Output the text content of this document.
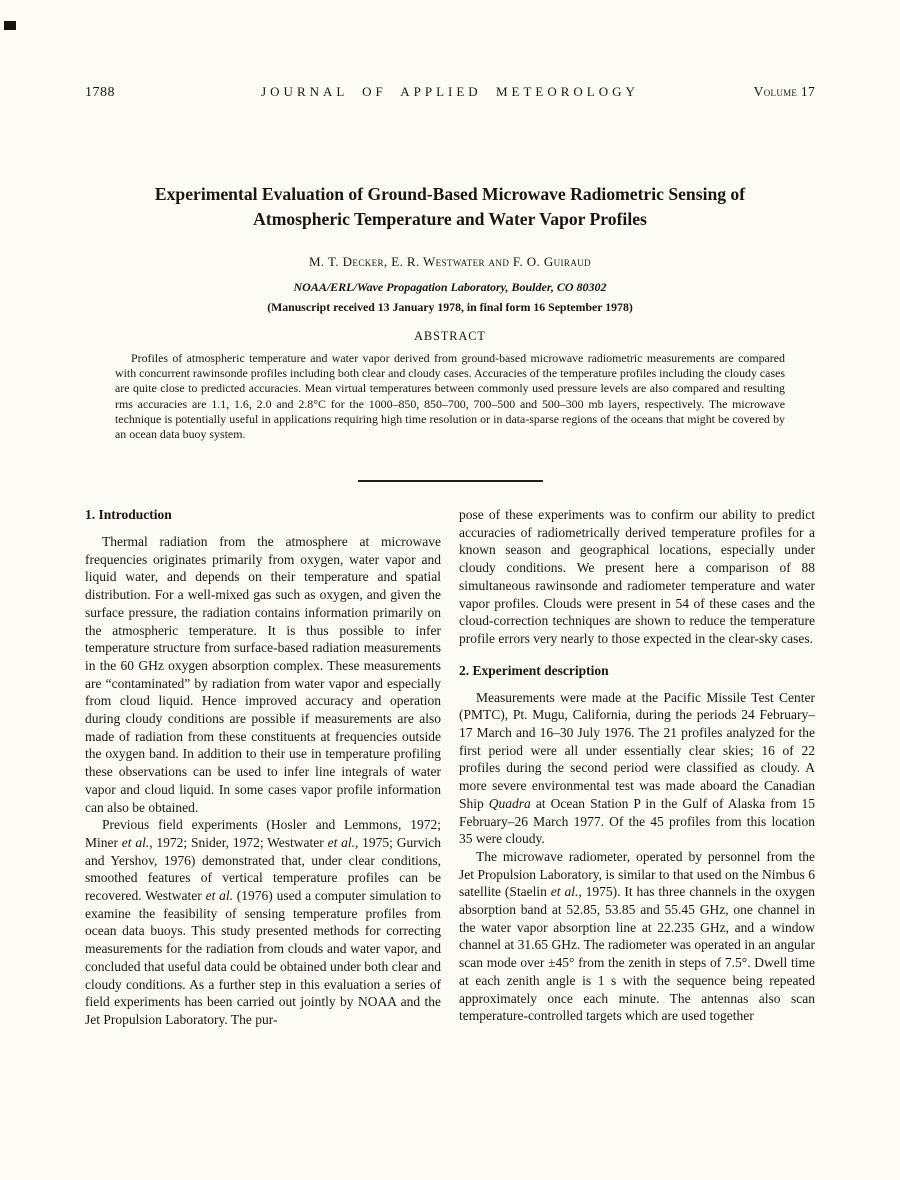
1788	JOURNAL OF APPLIED METEOROLOGY	Volume 17
Experimental Evaluation of Ground-Based Microwave Radiometric Sensing of Atmospheric Temperature and Water Vapor Profiles
M. T. Decker, E. R. Westwater and F. O. Guiraud
NOAA/ERL/Wave Propagation Laboratory, Boulder, CO 80302
(Manuscript received 13 January 1978, in final form 16 September 1978)
ABSTRACT
Profiles of atmospheric temperature and water vapor derived from ground-based microwave radiometric measurements are compared with concurrent rawinsonde profiles including both clear and cloudy cases. Accuracies of the temperature profiles including the cloudy cases are quite close to predicted accuracies. Mean virtual temperatures between commonly used pressure levels are also compared and resulting rms accuracies are 1.1, 1.6, 2.0 and 2.8°C for the 1000–850, 850–700, 700–500 and 500–300 mb layers, respectively. The microwave technique is potentially useful in applications requiring high time resolution or in data-sparse regions of the oceans that might be covered by an ocean data buoy system.
1. Introduction

Thermal radiation from the atmosphere at microwave frequencies originates primarily from oxygen, water vapor and liquid water, and depends on their temperature and spatial distribution. For a well-mixed gas such as oxygen, and given the surface pressure, the radiation contains information primarily on the atmospheric temperature. It is thus possible to infer temperature structure from surface-based radiation measurements in the 60 GHz oxygen absorption complex. These measurements are “contaminated” by radiation from water vapor and especially from cloud liquid. Hence improved accuracy and operation during cloudy conditions are possible if measurements are also made of radiation from these constituents at frequencies outside the oxygen band. In addition to their use in temperature profiling these observations can be used to infer line integrals of water vapor and cloud liquid. In some cases vapor profile information can also be obtained.

Previous field experiments (Hosler and Lemmons, 1972; Miner et al., 1972; Snider, 1972; Westwater et al., 1975; Gurvich and Yershov, 1976) demonstrated that, under clear conditions, smoothed features of vertical temperature profiles can be recovered. Westwater et al. (1976) used a computer simulation to examine the feasibility of sensing temperature profiles from ocean data buoys. This study presented methods for correcting measurements for the radiation from clouds and water vapor, and concluded that useful data could be obtained under both clear and cloudy conditions. As a further step in this evaluation a series of field experiments has been carried out jointly by NOAA and the Jet Propulsion Laboratory. The pur-

pose of these experiments was to confirm our ability to predict accuracies of radiometrically derived temperature profiles for a known season and geographical locations, especially under cloudy conditions. We present here a comparison of 88 simultaneous rawinsonde and radiometer temperature and water vapor profiles. Clouds were present in 54 of these cases and the cloud-correction techniques are shown to reduce the temperature profile errors very nearly to those expected in the clear-sky cases.

2. Experiment description

Measurements were made at the Pacific Missile Test Center (PMTC), Pt. Mugu, California, during the periods 24 February–17 March and 16–30 July 1976. The 21 profiles analyzed for the first period were all under essentially clear skies; 16 of 22 profiles during the second period were classified as cloudy. A more severe environmental test was made aboard the Canadian Ship Quadra at Ocean Station P in the Gulf of Alaska from 15 February–26 March 1977. Of the 45 profiles from this location 35 were cloudy.

The microwave radiometer, operated by personnel from the Jet Propulsion Laboratory, is similar to that used on the Nimbus 6 satellite (Staelin et al., 1975). It has three channels in the oxygen absorption band at 52.85, 53.85 and 55.45 GHz, one channel in the water vapor absorption line at 22.235 GHz, and a window channel at 31.65 GHz. The radiometer was operated in an angular scan mode over ±45° from the zenith in steps of 7.5°. Dwell time at each zenith angle is 1 s with the sequence being repeated approximately once each minute. The antennas also scan temperature-controlled targets which are used together
